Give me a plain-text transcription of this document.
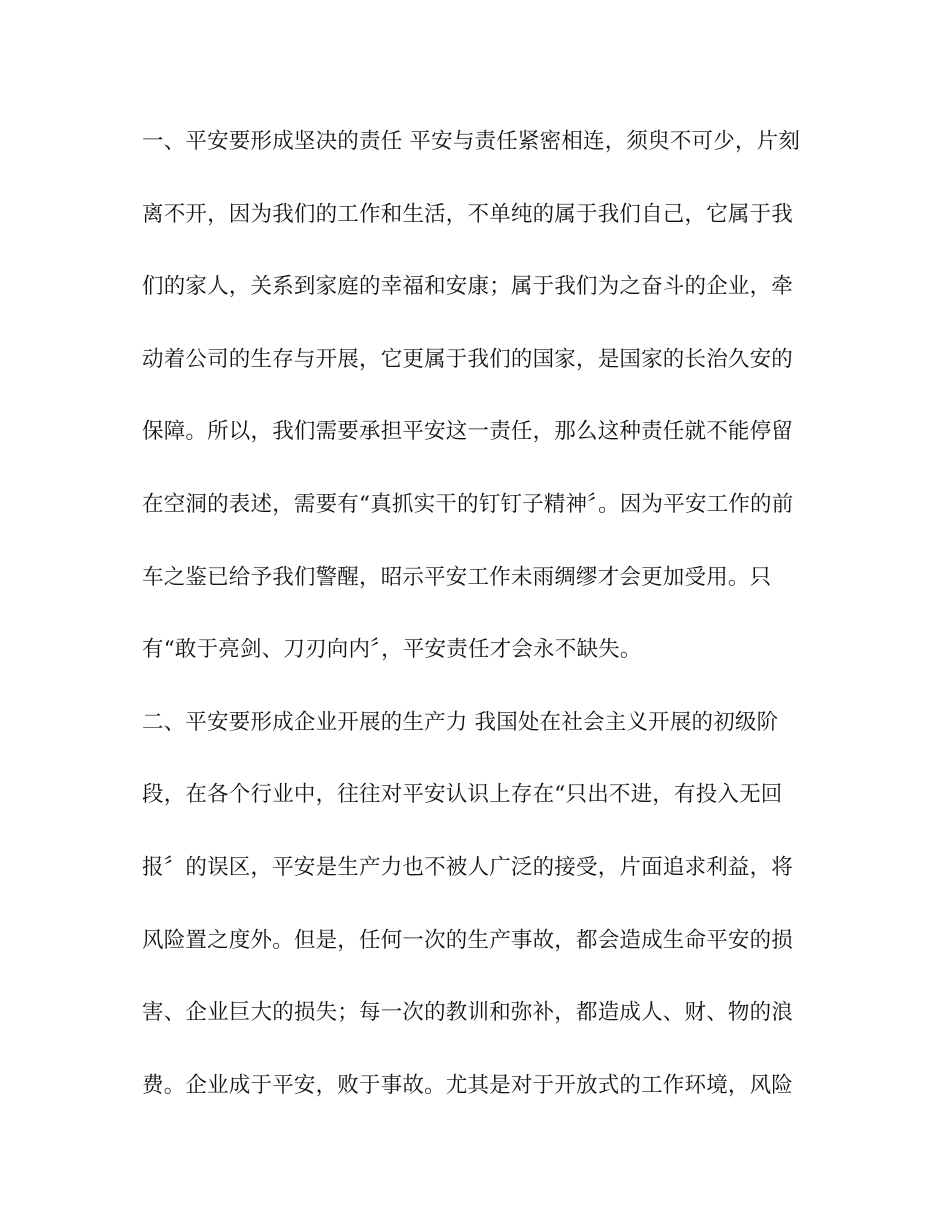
一、平安要形成坚决的责任 平安与责任紧密相连，须臾不可少，片刻
离不开，因为我们的工作和生活，不单纯的属于我们自己，它属于我
们的家人，关系到家庭的幸福和安康；属于我们为之奋斗的企业，牵
动着公司的生存与开展，它更属于我们的国家，是国家的长治久安的
保障。所以，我们需要承担平安这一责任，那么这种责任就不能停留
在空洞的表述，需要有“真抓实干的钉钉子精神〞。因为平安工作的前
车之鉴已给予我们警醒，昭示平安工作未雨绸缪才会更加受用。只
有“敢于亮剑、刀刃向内〞，平安责任才会永不缺失。
二、平安要形成企业开展的生产力 我国处在社会主义开展的初级阶
段，在各个行业中，往往对平安认识上存在“只出不进，有投入无回
报〞的误区，平安是生产力也不被人广泛的接受，片面追求利益，将
风险置之度外。但是，任何一次的生产事故，都会造成生命平安的损
害、企业巨大的损失；每一次的教训和弥补，都造成人、财、物的浪
费。企业成于平安，败于事故。尤其是对于开放式的工作环境，风险
